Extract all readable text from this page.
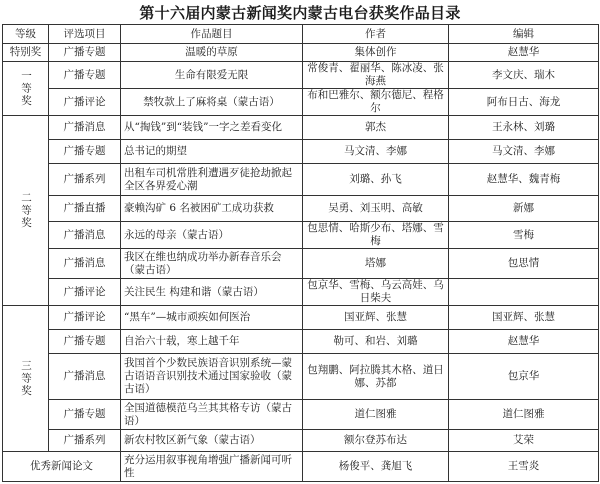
第十六届内蒙古新闻奖内蒙古电台获奖作品目录
等级	评选项目	作品题目	作者	编辑
特别奖	广播专题	温暖的草原	集体创作	赵慧华

一等奖	广播专题	生命有限爱无限	常俊青、翟丽华、陈冰凌、张海燕	李文庆、瑞木
	广播评论	禁牧款上了麻将桌（蒙古语）	布和巴雅尔、额尔德尼、程格尔	阿布日古、海龙

二等奖	广播消息	从“掏钱”到“装钱”一字之差看变化	郭杰	王永林、刘璐
	广播专题	总书记的期望	马文清、李娜	马文清、李娜
	广播系列	出租车司机常胜利遭遇歹徒抢劫掀起全区各界爱心潮	刘璐、孙飞	赵慧华、魏青梅
	广播直播	豪赖沟矿 6 名被困矿工成功获救	吴勇、刘玉明、高敏	新娜
	广播消息	永远的母亲（蒙古语）	包思情、哈斯少布、塔娜、雪梅	雪梅
	广播消息	我区在维也纳成功举办新春音乐会（蒙古语）	塔娜	包思情
	广播评论	关注民生 构建和谐（蒙古语）	包京华、雪梅、乌云高娃、乌日柴夫	

三等奖	广播评论	“黑车”—城市顽疾如何医治	国亚辉、张慧	国亚辉、张慧
	广播专题	自治六十载，寒上越千年	勒可、和岩、刘璐	赵慧华
	广播消息	我国首个少数民族语音识别系统—蒙古语语音识别技术通过国家验收（蒙古语）	包翔鹏、阿拉腾其木格、道日娜、苏都	包京华
	广播专题	全国道德模范乌兰其其格专访（蒙古语）	道仁图雅	道仁图雅
	广播系列	新农村牧区新气象（蒙古语）	额尔登苏布达	艾荣
优秀新闻论文		充分运用叙事视角增强广播新闻可听性	杨俊平、龚旭飞	王雪炎
